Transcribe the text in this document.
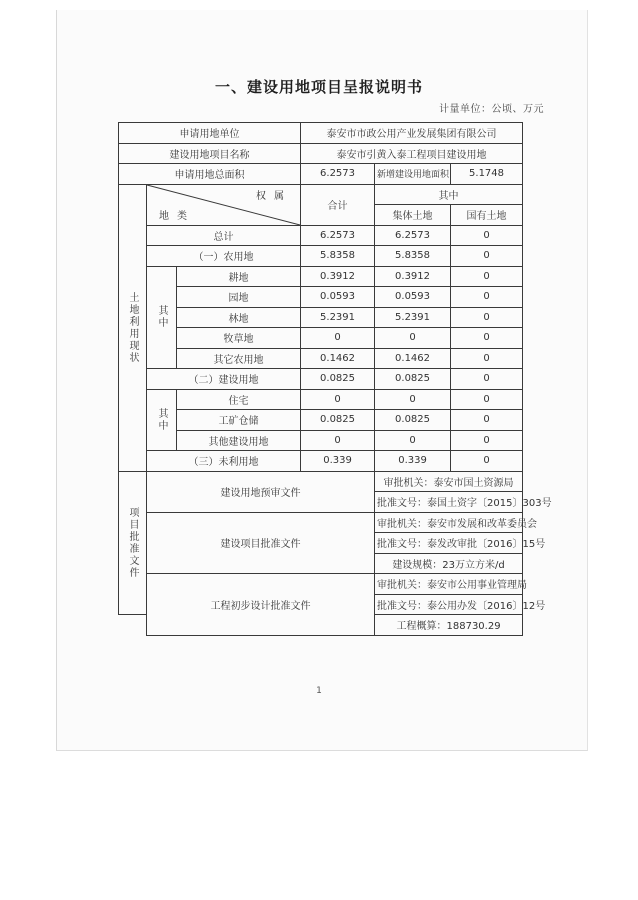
一、建设用地项目呈报说明书
计量单位：公顷、万元
申请用地单位			泰安市市政公用产业发展集团有限公司		
建设用地项目名称			泰安市引黄入泰工程项目建设用地		
申请用地总面积			6.2573	新增建设用地面积	5.1748
土地利用现状	权属
地类		合计	其中	
				集体土地	国有土地
	总计		6.2573	6.2573	0
	（一）农用地		5.8358	5.8358	0
	其中	耕地	0.3912	0.3912	0
		园地	0.0593	0.0593	0
		林地	5.2391	5.2391	0
		牧草地	0	0	0
		其它农用地	0.1462	0.1462	0
	（二）建设用地		0.0825	0.0825	0
	其中	住宅	0	0	0
		工矿仓储	0.0825	0.0825	0
		其他建设用地	0	0	0
	（三）未利用地		0.339	0.339	0
项目批准文件	建设用地预审文件			审批机关：泰安市国土资源局	
				批准文号：泰国土资字〔2015〕303号	
	建设项目批准文件			审批机关：泰安市发展和改革委员会	
				批准文号：泰发改审批〔2016〕15号	
				建设规模：23万立方米/d	
	工程初步设计批准文件			审批机关：泰安市公用事业管理局	
				批准文号：泰公用办发〔2016〕12号	
				工程概算：188730.29	
1
